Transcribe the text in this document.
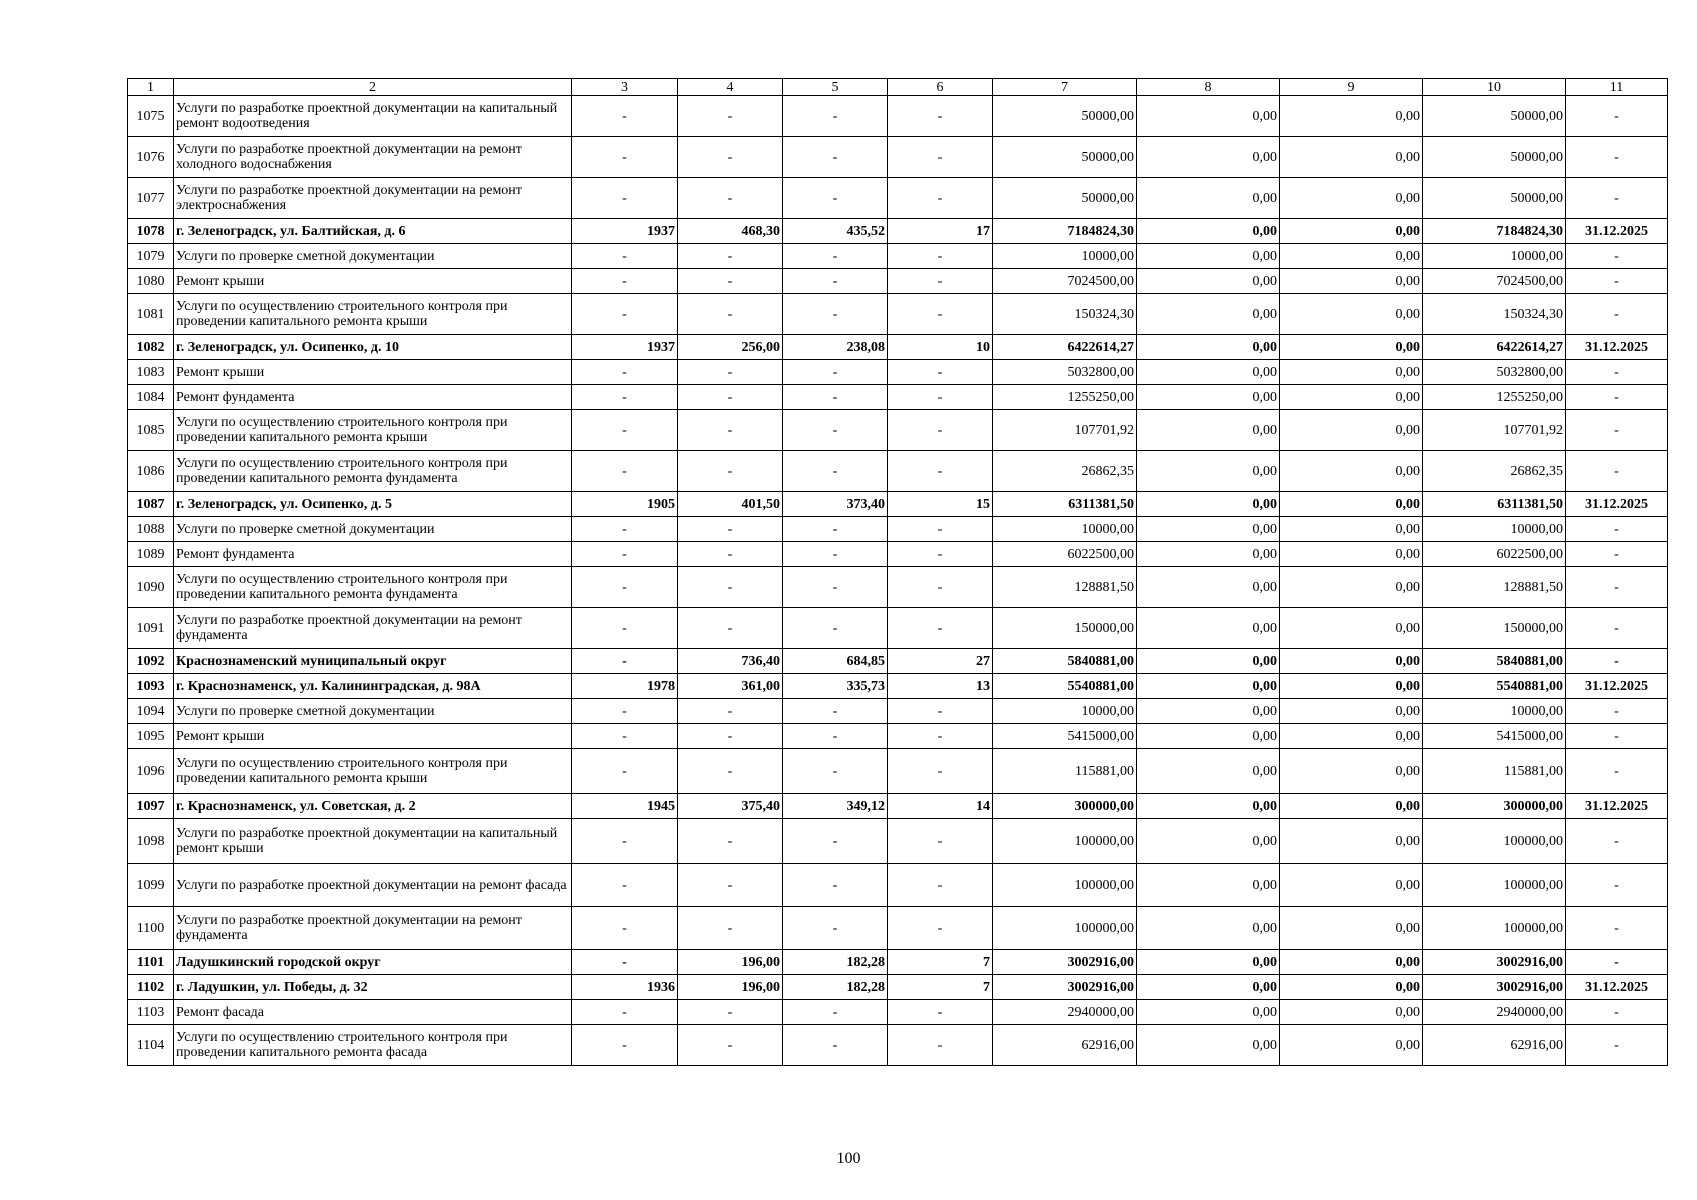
1	2	3	4	5	6	7	8	9	10	11
1075	Услуги по разработке проектной документации на капитальный ремонт водоотведения	-	-	-	-	50000,00	0,00	0,00	50000,00	-
1076	Услуги по разработке проектной документации на ремонт холодного водоснабжения	-	-	-	-	50000,00	0,00	0,00	50000,00	-
1077	Услуги по разработке проектной документации на ремонт электроснабжения	-	-	-	-	50000,00	0,00	0,00	50000,00	-
1078	г. Зеленоградск, ул. Балтийская, д. 6	1937	468,30	435,52	17	7184824,30	0,00	0,00	7184824,30	31.12.2025
1079	Услуги по проверке сметной документации	-	-	-	-	10000,00	0,00	0,00	10000,00	-
1080	Ремонт крыши	-	-	-	-	7024500,00	0,00	0,00	7024500,00	-
1081	Услуги по осуществлению строительного контроля при проведении капитального ремонта крыши	-	-	-	-	150324,30	0,00	0,00	150324,30	-
1082	г. Зеленоградск, ул. Осипенко, д. 10	1937	256,00	238,08	10	6422614,27	0,00	0,00	6422614,27	31.12.2025
1083	Ремонт крыши	-	-	-	-	5032800,00	0,00	0,00	5032800,00	-
1084	Ремонт фундамента	-	-	-	-	1255250,00	0,00	0,00	1255250,00	-
1085	Услуги по осуществлению строительного контроля при проведении капитального ремонта крыши	-	-	-	-	107701,92	0,00	0,00	107701,92	-
1086	Услуги по осуществлению строительного контроля при проведении капитального ремонта фундамента	-	-	-	-	26862,35	0,00	0,00	26862,35	-
1087	г. Зеленоградск, ул. Осипенко, д. 5	1905	401,50	373,40	15	6311381,50	0,00	0,00	6311381,50	31.12.2025
1088	Услуги по проверке сметной документации	-	-	-	-	10000,00	0,00	0,00	10000,00	-
1089	Ремонт фундамента	-	-	-	-	6022500,00	0,00	0,00	6022500,00	-
1090	Услуги по осуществлению строительного контроля при проведении капитального ремонта фундамента	-	-	-	-	128881,50	0,00	0,00	128881,50	-
1091	Услуги по разработке проектной документации на ремонт фундамента	-	-	-	-	150000,00	0,00	0,00	150000,00	-
1092	Краснознаменский муниципальный округ	-	736,40	684,85	27	5840881,00	0,00	0,00	5840881,00	-
1093	г. Краснознаменск, ул. Калининградская, д. 98А	1978	361,00	335,73	13	5540881,00	0,00	0,00	5540881,00	31.12.2025
1094	Услуги по проверке сметной документации	-	-	-	-	10000,00	0,00	0,00	10000,00	-
1095	Ремонт крыши	-	-	-	-	5415000,00	0,00	0,00	5415000,00	-
1096	Услуги по осуществлению строительного контроля при проведении капитального ремонта крыши	-	-	-	-	115881,00	0,00	0,00	115881,00	-
1097	г. Краснознаменск, ул. Советская, д. 2	1945	375,40	349,12	14	300000,00	0,00	0,00	300000,00	31.12.2025
1098	Услуги по разработке проектной документации на капитальный ремонт крыши	-	-	-	-	100000,00	0,00	0,00	100000,00	-
1099	Услуги по разработке проектной документации на ремонт фасада	-	-	-	-	100000,00	0,00	0,00	100000,00	-
1100	Услуги по разработке проектной документации на ремонт фундамента	-	-	-	-	100000,00	0,00	0,00	100000,00	-
1101	Ладушкинский городской округ	-	196,00	182,28	7	3002916,00	0,00	0,00	3002916,00	-
1102	г. Ладушкин, ул. Победы, д. 32	1936	196,00	182,28	7	3002916,00	0,00	0,00	3002916,00	31.12.2025
1103	Ремонт фасада	-	-	-	-	2940000,00	0,00	0,00	2940000,00	-
1104	Услуги по осуществлению строительного контроля при проведении капитального ремонта фасада	-	-	-	-	62916,00	0,00	0,00	62916,00	-
100
